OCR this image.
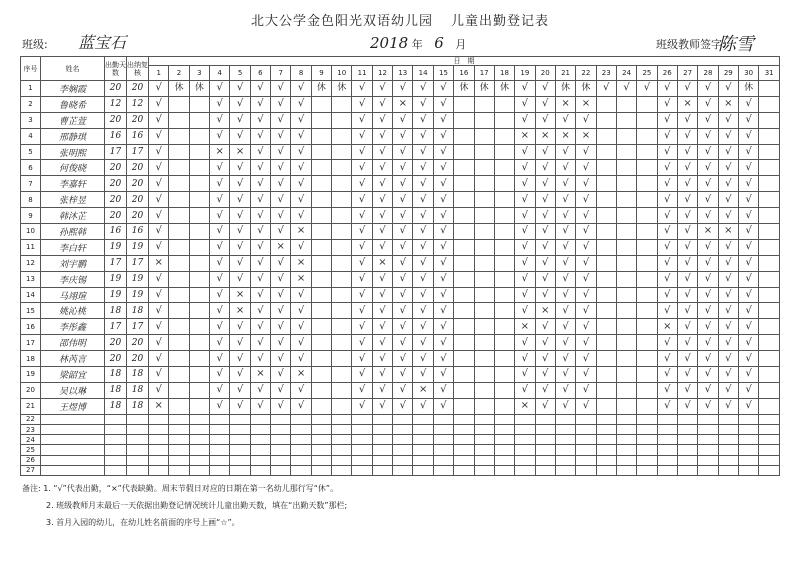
北大公学金色阳光双语幼儿园 儿童出勤登记表
班级: 蓝宝石	2018 年 6 月	班级教师签字:
陈雪
序号	姓名	出勤天数	出纳复核	日　期																														
				1	2	3	4	5	6	7	8	9	10	11	12	13	14	15	16	17	18	19	20	21	22	23	24	25	26	27	28	29	30	31
1	李娴霞	20	20	√	休	休	√	√	√	√	√	休	休	√	√	√	√	√	休	休	休	√	√	休	休	√	√	√	√	√	√	√	休	
2	鲁晓希	12	12	√			√	√	√	√	√			√	√	×	√	√				√	√	×	×				√	×	√	×	√	
3	曹芷萱	20	20	√			√	√	√	√	√			√	√	√	√	√				√	√	√	√				√	√	√	√	√	
4	邢静琪	16	16	√			√	√	√	√	√			√	√	√	√	√				×	×	×	×				√	√	√	√	√	
5	张明熙	17	17	√			×	×	√	√	√			√	√	√	√	√				√	√	√	√				√	√	√	√	√	
6	何俊晓	20	20	√			√	√	√	√	√			√	√	√	√	√				√	√	√	√				√	√	√	√	√	
7	李嘉轩	20	20	√			√	√	√	√	√			√	√	√	√	√				√	√	√	√				√	√	√	√	√	
8	张梓昱	20	20	√			√	√	√	√	√			√	√	√	√	√				√	√	√	√				√	√	√	√	√	
9	韩沐芷	20	20	√			√	√	√	√	√			√	√	√	√	√				√	√	√	√				√	√	√	√	√	
10	孙熙韩	16	16	√			√	√	√	√	×			√	√	√	√	√				√	√	√	√				√	√	×	×	√	
11	李白轩	19	19	√			√	√	√	×	√			√	√	√	√	√				√	√	√	√				√	√	√	√	√	
12	刘宇鹏	17	17	×			√	√	√	√	×			√	×	√	√	√				√	√	√	√				√	√	√	√	√	
13	李庆锡	19	19	√			√	√	√	√	×			√	√	√	√	√				√	√	√	√				√	√	√	√	√	
14	马翊瑄	19	19	√			√	×	√	√	√			√	√	√	√	√				√	√	√	√				√	√	√	√	√	
15	姚沁桃	18	18	√			√	×	√	√	√			√	√	√	√	√				√	×	√	√				√	√	√	√	√	
16	李彤鑫	17	17	√			√	√	√	√	√			√	√	√	√	√				×	√	√	√				×	√	√	√	√	
17	邵伟明	20	20	√			√	√	√	√	√			√	√	√	√	√				√	√	√	√				√	√	√	√	√	
18	林芮言	20	20	√			√	√	√	√	√			√	√	√	√	√				√	√	√	√				√	√	√	√	√	
19	梁韶宜	18	18	√			√	√	×	√	×			√	√	√	√	√				√	√	√	√				√	√	√	√	√	
20	吴以琳	18	18	√			√	√	√	√	√			√	√	√	×	√				√	√	√	√				√	√	√	√	√	
21	王煜博	18	18	×			√	√	√	√	√			√	√	√	√	√				×	√	√	√				√	√	√	√	√	
22																																		
23																																		
24																																		
25																																		
26																																		
27																																		
备注: 1. “√”代表出勤，“×”代表缺勤。周末节假日对应的日期在第一名幼儿那行写“休”。
2. 班级教师月末最后一天依据出勤登记情况统计儿童出勤天数，填在“出勤天数”那栏;
3. 首月入园的幼儿，在幼儿姓名前面的序号上画“☆”。
